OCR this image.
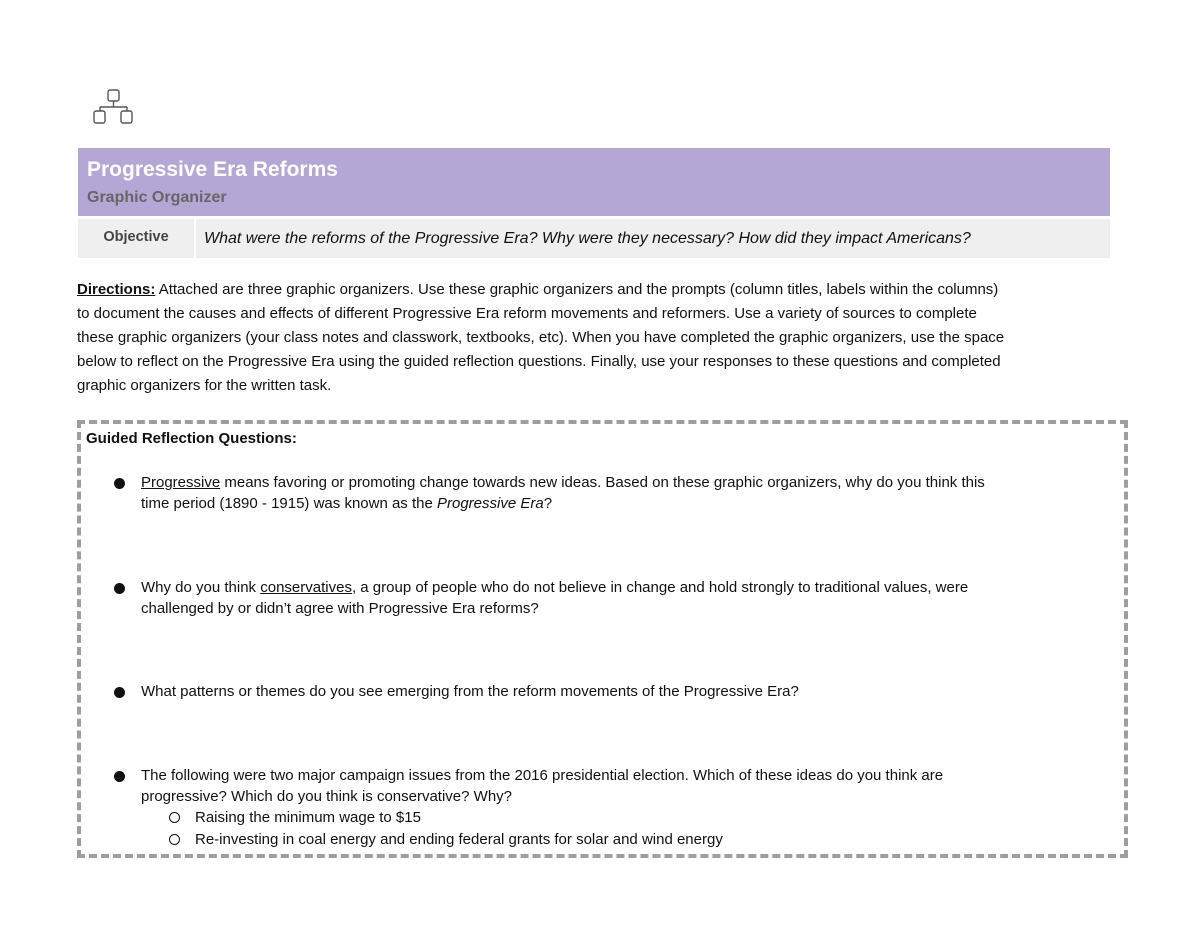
Progressive Era Reforms
Graphic Organizer
Objective	What were the reforms of the Progressive Era? Why were they necessary? How did they impact Americans?
Directions: Attached are three graphic organizers. Use these graphic organizers and the prompts (column titles, labels within the columns)
to document the causes and effects of different Progressive Era reform movements and reformers. Use a variety of sources to complete
these graphic organizers (your class notes and classwork, textbooks, etc). When you have completed the graphic organizers, use the space
below to reflect on the Progressive Era using the guided reflection questions. Finally, use your responses to these questions and completed
graphic organizers for the written task.
Guided Reflection Questions:
Progressive means favoring or promoting change towards new ideas. Based on these graphic organizers, why do you think this
time period (1890 - 1915) was known as the Progressive Era?
Why do you think conservatives, a group of people who do not believe in change and hold strongly to traditional values, were
challenged by or didn’t agree with Progressive Era reforms?
What patterns or themes do you see emerging from the reform movements of the Progressive Era?
The following were two major campaign issues from the 2016 presidential election. Which of these ideas do you think are
progressive? Which do you think is conservative? Why?
Raising the minimum wage to $15
Re-investing in coal energy and ending federal grants for solar and wind energy
